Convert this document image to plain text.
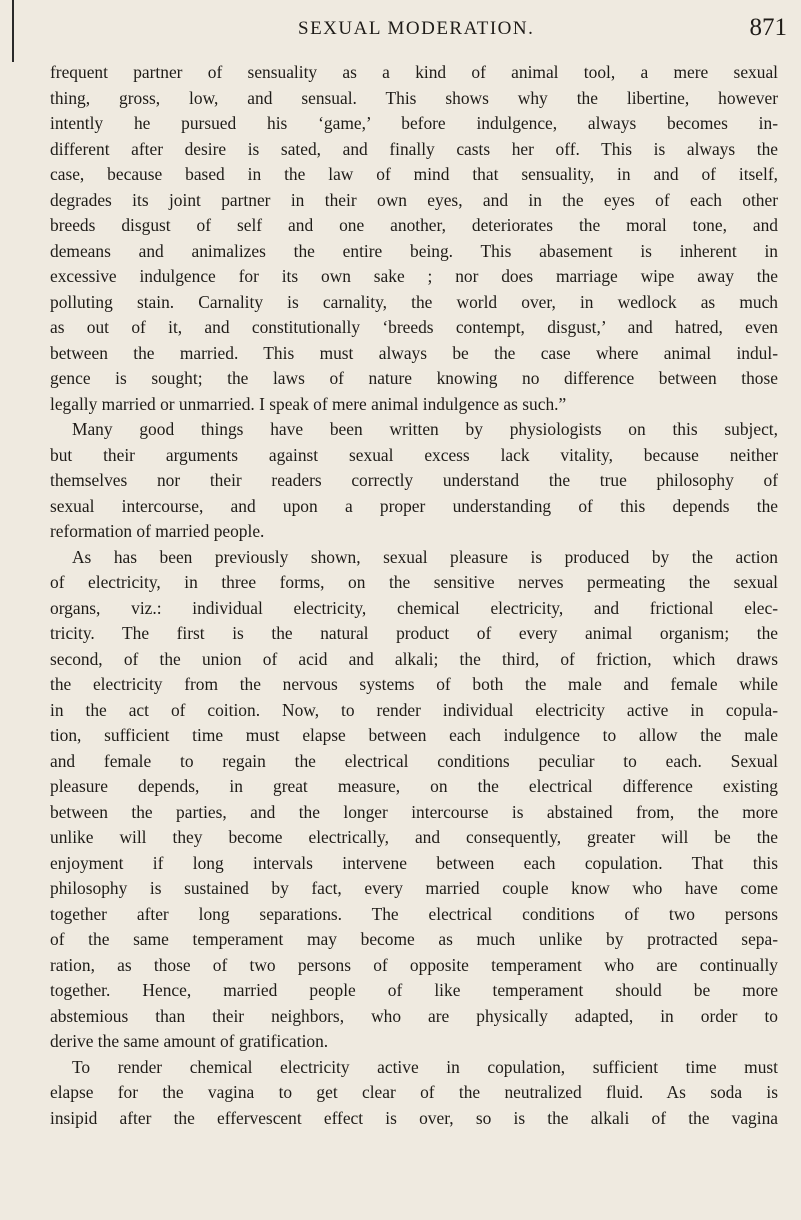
SEXUAL MODERATION.	871
frequent partner of sensuality as a kind of animal tool, a mere sexual
thing, gross, low, and sensual. This shows why the libertine, however
intently he pursued his ‘game,’ before indulgence, always becomes in-
different after desire is sated, and finally casts her off. This is always the
case, because based in the law of mind that sensuality, in and of itself,
degrades its joint partner in their own eyes, and in the eyes of each other
breeds disgust of self and one another, deteriorates the moral tone, and
demeans and animalizes the entire being. This abasement is inherent in
excessive indulgence for its own sake ; nor does marriage wipe away the
polluting stain. Carnality is carnality, the world over, in wedlock as much
as out of it, and constitutionally ‘breeds contempt, disgust,’ and hatred, even
between the married. This must always be the case where animal indul-
gence is sought; the laws of nature knowing no difference between those
legally married or unmarried. I speak of mere animal indulgence as such.”
Many good things have been written by physiologists on this subject,
but their arguments against sexual excess lack vitality, because neither
themselves nor their readers correctly understand the true philosophy of
sexual intercourse, and upon a proper understanding of this depends the
reformation of married people.
As has been previously shown, sexual pleasure is produced by the action
of electricity, in three forms, on the sensitive nerves permeating the sexual
organs, viz.: individual electricity, chemical electricity, and frictional elec-
tricity. The first is the natural product of every animal organism; the
second, of the union of acid and alkali; the third, of friction, which draws
the electricity from the nervous systems of both the male and female while
in the act of coition. Now, to render individual electricity active in copula-
tion, sufficient time must elapse between each indulgence to allow the male
and female to regain the electrical conditions peculiar to each. Sexual
pleasure depends, in great measure, on the electrical difference existing
between the parties, and the longer intercourse is abstained from, the more
unlike will they become electrically, and consequently, greater will be the
enjoyment if long intervals intervene between each copulation. That this
philosophy is sustained by fact, every married couple know who have come
together after long separations. The electrical conditions of two persons
of the same temperament may become as much unlike by protracted sepa-
ration, as those of two persons of opposite temperament who are continually
together. Hence, married people of like temperament should be more
abstemious than their neighbors, who are physically adapted, in order to
derive the same amount of gratification.
To render chemical electricity active in copulation, sufficient time must
elapse for the vagina to get clear of the neutralized fluid. As soda is
insipid after the effervescent effect is over, so is the alkali of the vagina
